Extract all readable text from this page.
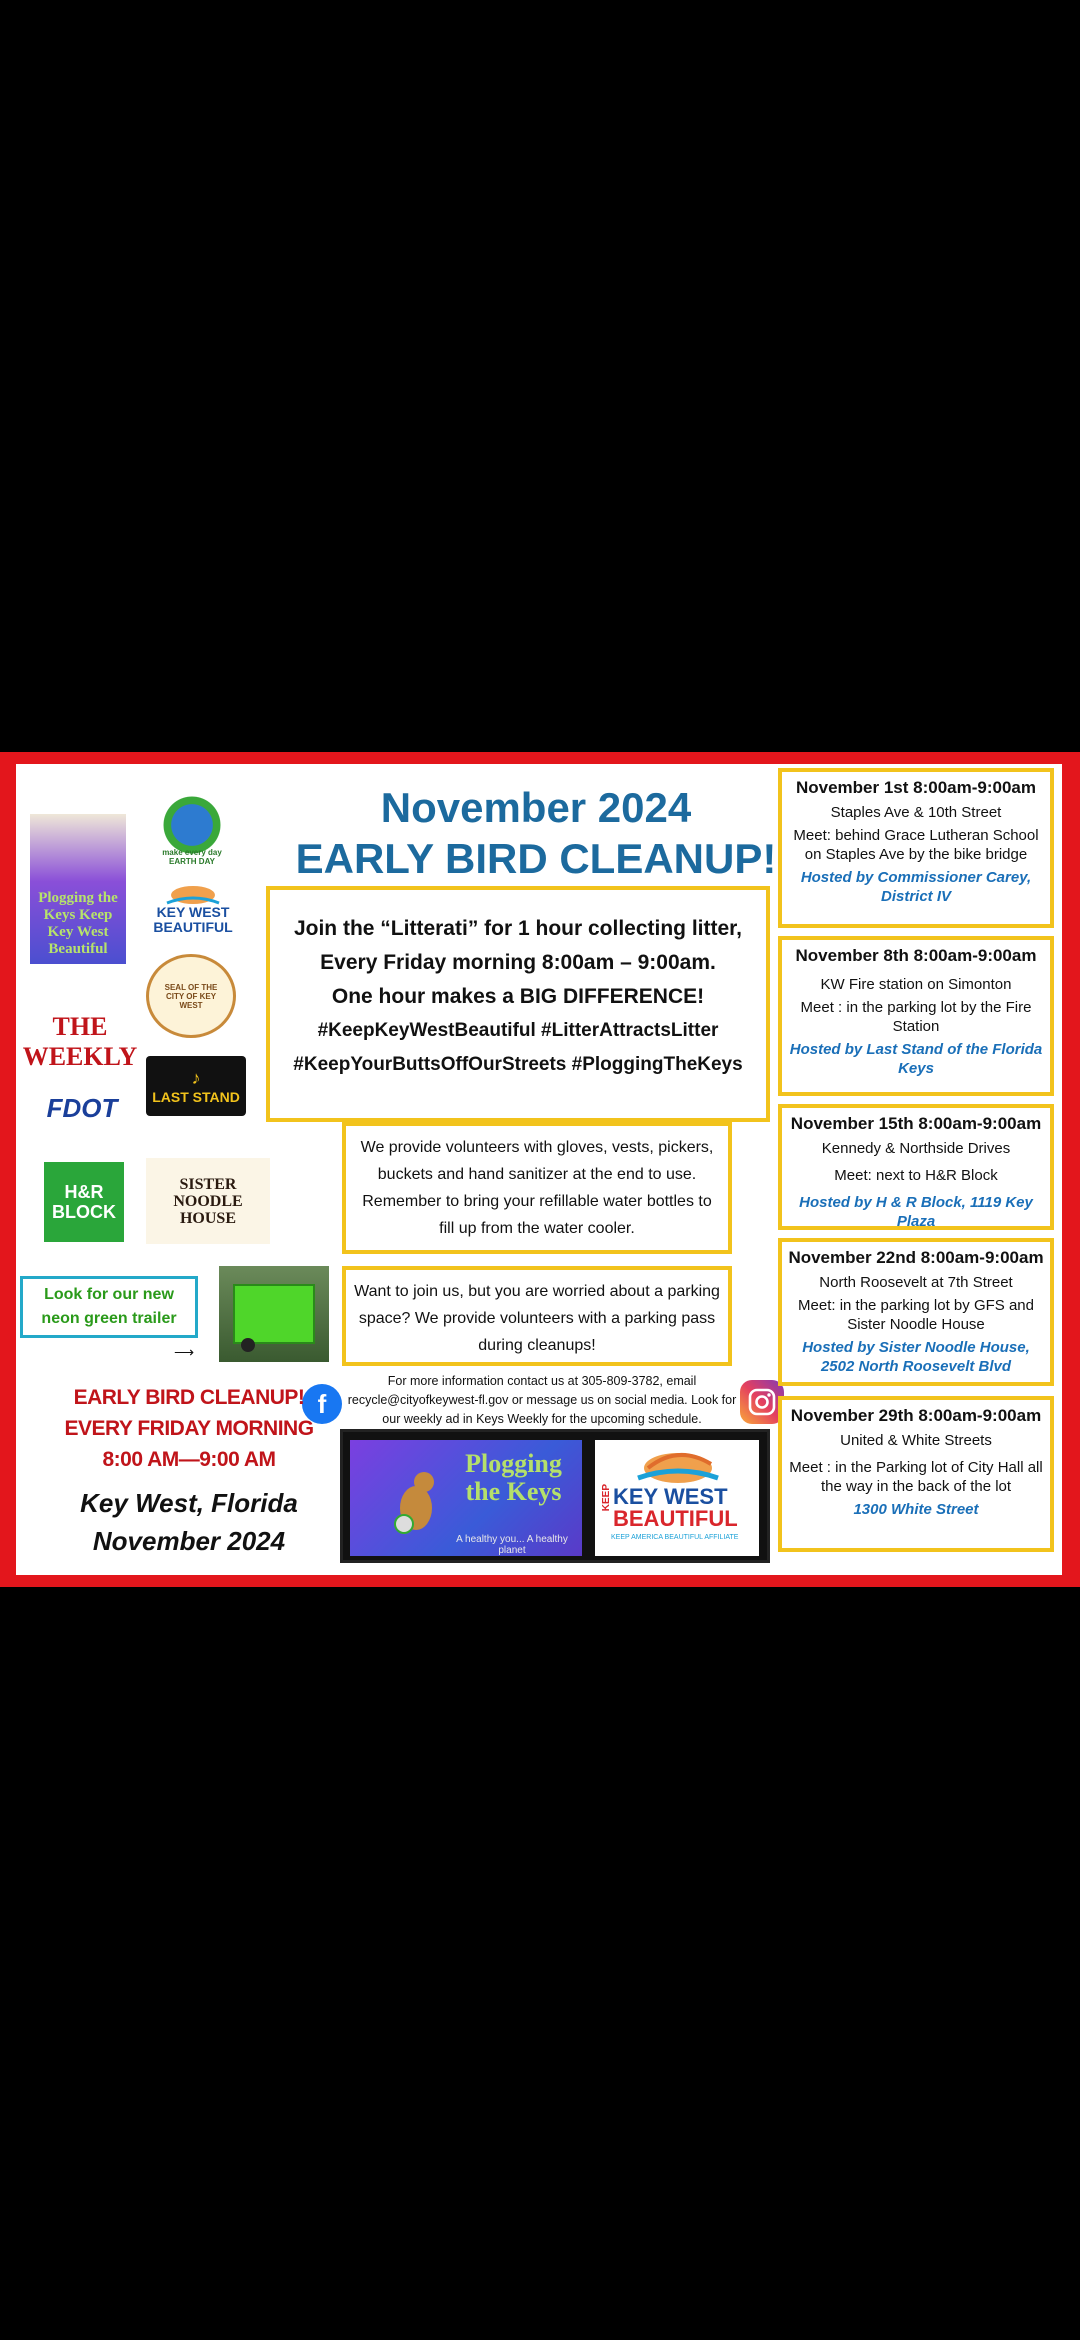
November 2024
EARLY BIRD CLEANUP!
Join the “Litterati” for 1 hour collecting litter,
Every Friday morning 8:00am – 9:00am.
One hour makes a BIG DIFFERENCE!
#KeepKeyWestBeautiful #LitterAttractsLitter
#KeepYourButtsOffOurStreets #PloggingTheKeys
We provide volunteers with gloves, vests, pickers, buckets and hand sanitizer at the end to use. Remember to bring your refillable water bottles to fill up from the water cooler.
Want to join us, but you are worried about a parking space? We provide volunteers with a parking pass during cleanups!
For more information contact us at 305-809-3782, email recycle@cityofkeywest-fl.gov or message us on social media. Look for our weekly ad in Keys Weekly for the upcoming schedule.
f
Plogging the Keys
A healthy you... A healthy planet
KEEP KEY WEST
BEAUTIFUL
KEEP AMERICA BEAUTIFUL AFFILIATE
Plogging the Keys Keep Key West Beautiful
make every day EARTH DAY
KEY WEST BEAUTIFUL
SEAL OF THE CITY OF KEY WEST
THE WEEKLY
♪
LAST STAND
FDOT
H&R BLOCK
SISTER NOODLE HOUSE
Look for our new
neon green trailer
⟶
EARLY BIRD CLEANUP!
EVERY FRIDAY MORNING
8:00 AM—9:00 AM
Key West, Florida
November 2024
November 1st 8:00am-9:00am

Staples Ave & 10th Street

Meet: behind Grace Lutheran School on Staples Ave by the bike bridge

Hosted by Commissioner Carey, District IV

November 8th 8:00am-9:00am

KW Fire station on Simonton

Meet : in the parking lot by the Fire Station

Hosted by Last Stand of the Florida Keys

November 15th 8:00am-9:00am

Kennedy & Northside Drives

Meet: next to H&R Block

Hosted by H & R Block, 1119 Key Plaza

November 22nd 8:00am-9:00am

North Roosevelt at 7th Street

Meet: in the parking lot by GFS and Sister Noodle House

Hosted by Sister Noodle House, 2502 North Roosevelt Blvd

November 29th 8:00am-9:00am

United & White Streets

Meet : in the Parking lot of City Hall all the way in the back of the lot

1300 White Street
